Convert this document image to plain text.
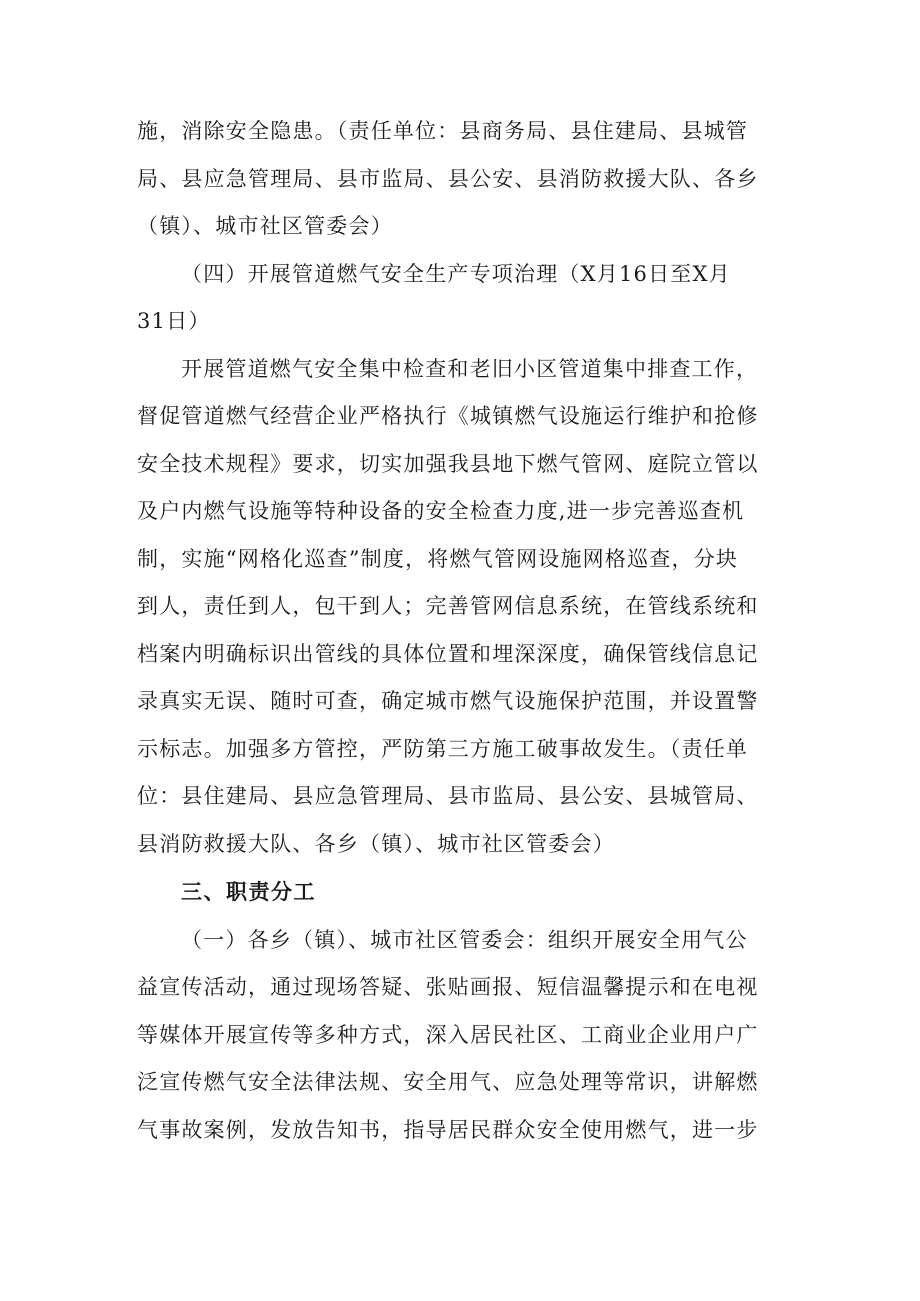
施，消除安全隐患。（责任单位：县商务局、县住建局、县城管
局、县应急管理局、县市监局、县公安、县消防救援大队、各乡
（镇）、城市社区管委会）
（四）开展管道燃气安全生产专项治理（X月16日至X月
31日）
开展管道燃气安全集中检查和老旧小区管道集中排查工作，
督促管道燃气经营企业严格执行《城镇燃气设施运行维护和抢修
安全技术规程》要求，切实加强我县地下燃气管网、庭院立管以
及户内燃气设施等特种设备的安全检查力度,进一步完善巡查机
制，实施“网格化巡查”制度，将燃气管网设施网格巡查，分块
到人，责任到人，包干到人；完善管网信息系统，在管线系统和
档案内明确标识出管线的具体位置和埋深深度，确保管线信息记
录真实无误、随时可查，确定城市燃气设施保护范围，并设置警
示标志。加强多方管控，严防第三方施工破事故发生。（责任单
位：县住建局、县应急管理局、县市监局、县公安、县城管局、
县消防救援大队、各乡（镇）、城市社区管委会）
三、职责分工
（一）各乡（镇）、城市社区管委会：组织开展安全用气公
益宣传活动，通过现场答疑、张贴画报、短信温馨提示和在电视
等媒体开展宣传等多种方式，深入居民社区、工商业企业用户广
泛宣传燃气安全法律法规、安全用气、应急处理等常识，讲解燃
气事故案例，发放告知书，指导居民群众安全使用燃气，进一步
